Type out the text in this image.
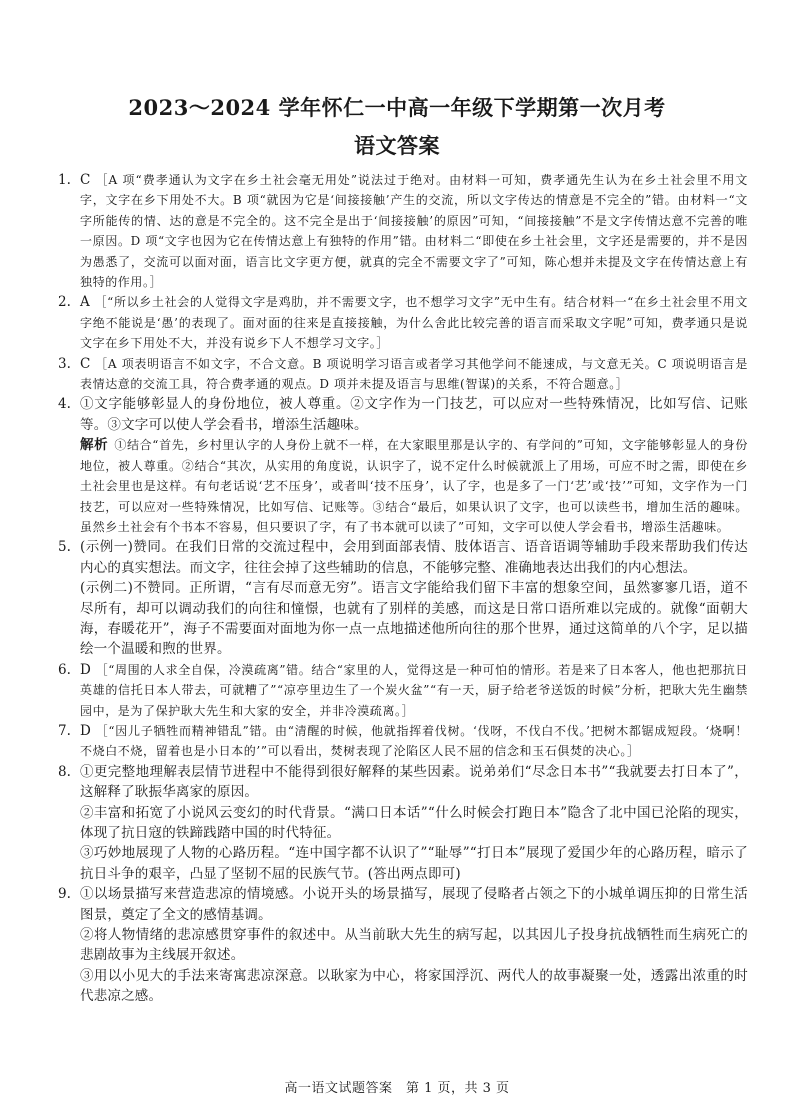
2023～2024 学年怀仁一中高一年级下学期第一次月考
语文答案
1. C ［A 项“费孝通认为文字在乡土社会毫无用处”说法过于绝对。由材料一可知，费孝通先生认为在乡土社会里不用文字，文字在乡下用处不大。B 项“就因为它是‘间接接触’产生的交流，所以文字传达的情意是不完全的”错。由材料一“文字所能传的情、达的意是不完全的。这不完全是出于‘间接接触’的原因”可知，“间接接触”不是文字传情达意不完善的唯一原因。D 项“文字也因为它在传情达意上有独特的作用”错。由材料二“即使在乡土社会里，文字还是需要的，并不是因为愚悉了，交流可以面对面，语言比文字更方便，就真的完全不需要文字了”可知，陈心想并未提及文字在传情达意上有独特的作用。］
2. A ［“所以乡土社会的人觉得文字是鸡肋，并不需要文字，也不想学习文字”无中生有。结合材料一“在乡土社会里不用文字绝不能说是‘愚’的表现了。面对面的往来是直接接触，为什么舍此比较完善的语言而采取文字呢”可知，费孝通只是说文字在乡下用处不大，并没有说乡下人不想学习文字。］
3. C ［A 项表明语言不如文字，不合文意。B 项说明学习语言或者学习其他学问不能速成，与文意无关。C 项说明语言是表情达意的交流工具，符合费孝通的观点。D 项并未提及语言与思维(智谋)的关系，不符合题意。］
4. ①文字能够彰显人的身份地位，被人尊重。②文字作为一门技艺，可以应对一些特殊情况，比如写信、记账等。③文字可以使人学会看书，增添生活趣味。
解析 ①结合“首先，乡村里认字的人身份上就不一样，在大家眼里那是认字的、有学问的”可知，文字能够彰显人的身份地位，被人尊重。②结合“其次，从实用的角度说，认识字了，说不定什么时候就派上了用场，可应不时之需，即使在乡土社会里也是这样。有句老话说‘艺不压身’，或者叫‘技不压身’，认了字，也是多了一门‘艺’或‘技’”可知，文字作为一门技艺，可以应对一些特殊情况，比如写信、记账等。③结合“最后，如果认识了文字，也可以读些书，增加生活的趣味。虽然乡土社会有个书本不容易，但只要识了字，有了书本就可以读了”可知，文字可以使人学会看书，增添生活趣味。
5. (示例一)赞同。在我们日常的交流过程中，会用到面部表情、肢体语言、语音语调等辅助手段来帮助我们传达内心的真实想法。而文字，往往会掉了这些辅助的信息，不能够完整、准确地表达出我们的内心想法。
(示例二)不赞同。正所谓，“言有尽而意无穷”。语言文字能给我们留下丰富的想象空间，虽然寥寥几语，道不尽所有，却可以调动我们的向往和憧憬，也就有了别样的美感，而这是日常口语所难以完成的。就像“面朝大海，春暖花开”，海子不需要面对面地为你一点一点地描述他所向往的那个世界，通过这简单的八个字，足以描绘一个温暖和煦的世界。
6. D ［“周围的人求全自保，冷漠疏离”错。结合“家里的人，觉得这是一种可怕的情形。若是来了日本客人，他也把那抗日英雄的信托日本人带去，可就糟了”“凉亭里边生了一个炭火盆”“有一天，厨子给老爷送饭的时候”分析，把耿大先生幽禁园中，是为了保护耿大先生和大家的安全，并非冷漠疏离。］
7. D ［“因儿子牺牲而精神错乱”错。由“清醒的时候，他就指挥着伐树。‘伐呀，不伐白不伐。’把树木都锯成短段。‘烧啊！不烧白不烧，留着也是小日本的’”可以看出，焚树表现了沦陷区人民不屈的信念和玉石俱焚的决心。］
8. ①更完整地理解表层情节进程中不能得到很好解释的某些因素。说弟弟们“尽念日本书”“我就要去打日本了”，这解释了耿振华离家的原因。
②丰富和拓宽了小说风云变幻的时代背景。“满口日本话”“什么时候会打跑日本”隐含了北中国已沦陷的现实，体现了抗日寇的铁蹄践踏中国的时代特征。
③巧妙地展现了人物的心路历程。“连中国字都不认识了”“耻辱”“打日本”展现了爱国少年的心路历程，暗示了抗日斗争的艰辛，凸显了坚韧不屈的民族气节。(答出两点即可)
9. ①以场景描写来营造悲凉的情境感。小说开头的场景描写，展现了侵略者占领之下的小城单调压抑的日常生活图景，奠定了全文的感情基调。
②将人物情绪的悲凉感贯穿事件的叙述中。从当前耿大先生的病写起，以其因儿子投身抗战牺牲而生病死亡的悲剧故事为主线展开叙述。
③用以小见大的手法来寄寓悲凉深意。以耿家为中心，将家国浮沉、两代人的故事凝聚一处，透露出浓重的时代悲凉之感。
高一语文试题答案　第 1 页，共 3 页
